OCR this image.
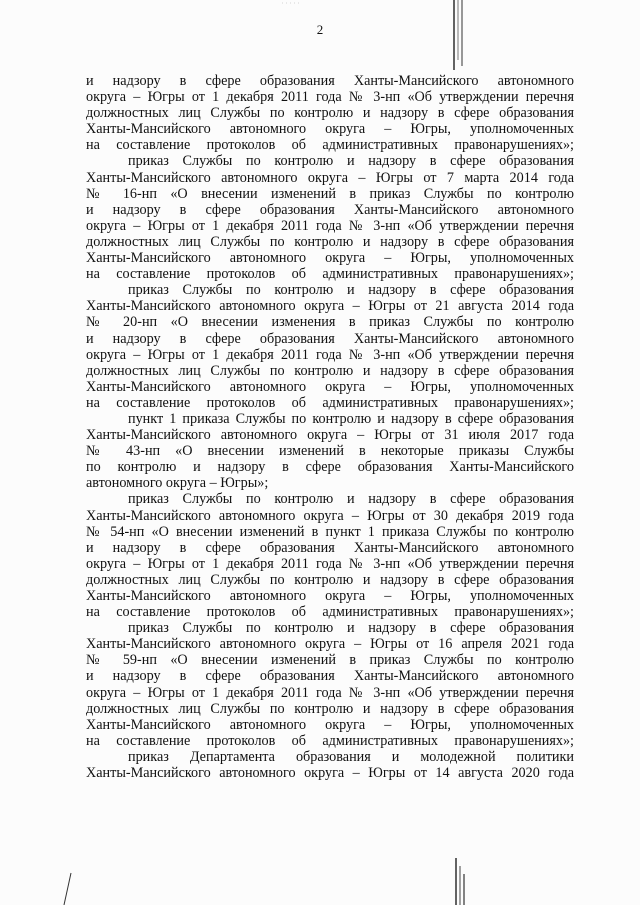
2
и надзору в сфере образования Ханты-Мансийского автономного
округа – Югры от 1 декабря 2011 года № 3-нп «Об утверждении перечня
должностных лиц Службы по контролю и надзору в сфере образования
Ханты-Мансийского автономного округа – Югры, уполномоченных
на составление протоколов об административных правонарушениях»;
приказ Службы по контролю и надзору в сфере образования
Ханты-Мансийского автономного округа – Югры от 7 марта 2014 года
№ 16-нп «О внесении изменений в приказ Службы по контролю
и надзору в сфере образования Ханты-Мансийского автономного
округа – Югры от 1 декабря 2011 года № 3-нп «Об утверждении перечня
должностных лиц Службы по контролю и надзору в сфере образования
Ханты-Мансийского автономного округа – Югры, уполномоченных
на составление протоколов об административных правонарушениях»;
приказ Службы по контролю и надзору в сфере образования
Ханты-Мансийского автономного округа – Югры от 21 августа 2014 года
№ 20-нп «О внесении изменения в приказ Службы по контролю
и надзору в сфере образования Ханты-Мансийского автономного
округа – Югры от 1 декабря 2011 года № 3-нп «Об утверждении перечня
должностных лиц Службы по контролю и надзору в сфере образования
Ханты-Мансийского автономного округа – Югры, уполномоченных
на составление протоколов об административных правонарушениях»;
пункт 1 приказа Службы по контролю и надзору в сфере образования
Ханты-Мансийского автономного округа – Югры от 31 июля 2017 года
№ 43-нп «О внесении изменений в некоторые приказы Службы
по контролю и надзору в сфере образования Ханты-Мансийского
автономного округа – Югры»;
приказ Службы по контролю и надзору в сфере образования
Ханты-Мансийского автономного округа – Югры от 30 декабря 2019 года
№ 54-нп «О внесении изменений в пункт 1 приказа Службы по контролю
и надзору в сфере образования Ханты-Мансийского автономного
округа – Югры от 1 декабря 2011 года № 3-нп «Об утверждении перечня
должностных лиц Службы по контролю и надзору в сфере образования
Ханты-Мансийского автономного округа – Югры, уполномоченных
на составление протоколов об административных правонарушениях»;
приказ Службы по контролю и надзору в сфере образования
Ханты-Мансийского автономного округа – Югры от 16 апреля 2021 года
№ 59-нп «О внесении изменений в приказ Службы по контролю
и надзору в сфере образования Ханты-Мансийского автономного
округа – Югры от 1 декабря 2011 года № 3-нп «Об утверждении перечня
должностных лиц Службы по контролю и надзору в сфере образования
Ханты-Мансийского автономного округа – Югры, уполномоченных
на составление протоколов об административных правонарушениях»;
приказ Департамента образования и молодежной политики
Ханты-Мансийского автономного округа – Югры от 14 августа 2020 года
